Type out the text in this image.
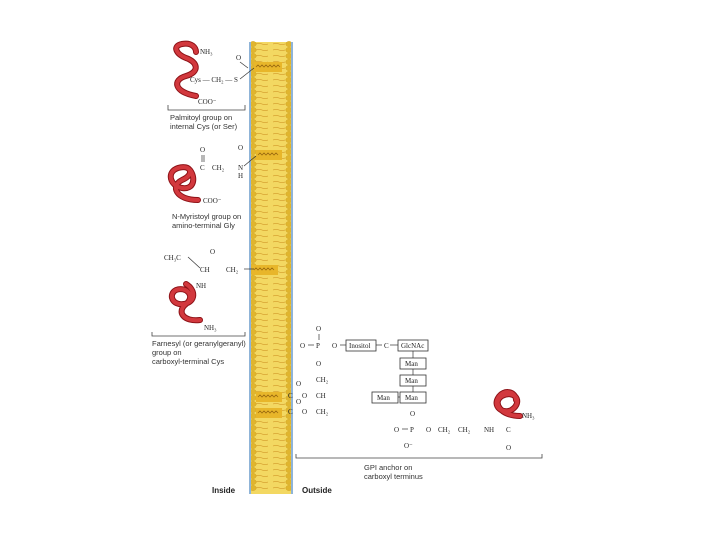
NH₃
O
Cys — CH₂ — S
COO⁻
Palmitoyl group on
internal Cys (or Ser)
O
C CH₂ N
H
O
COO⁻
N-Myristoyl group on
amino-terminal Gly
O
CH₃C
CH CH₂
NH
NH₃
Farnesyl (or geranylgeranyl)
group on
carboxyl-terminal Cys
O
O P O Inositol C GlcNAc
O
CH₂
O
C O CH
O
C O CH₂
Man
Man
Man Man
O
O P
O⁻
O CH₂ CH₂ NH C
O
NH₃
GPI anchor on
carboxyl terminus
Inside	Outside
